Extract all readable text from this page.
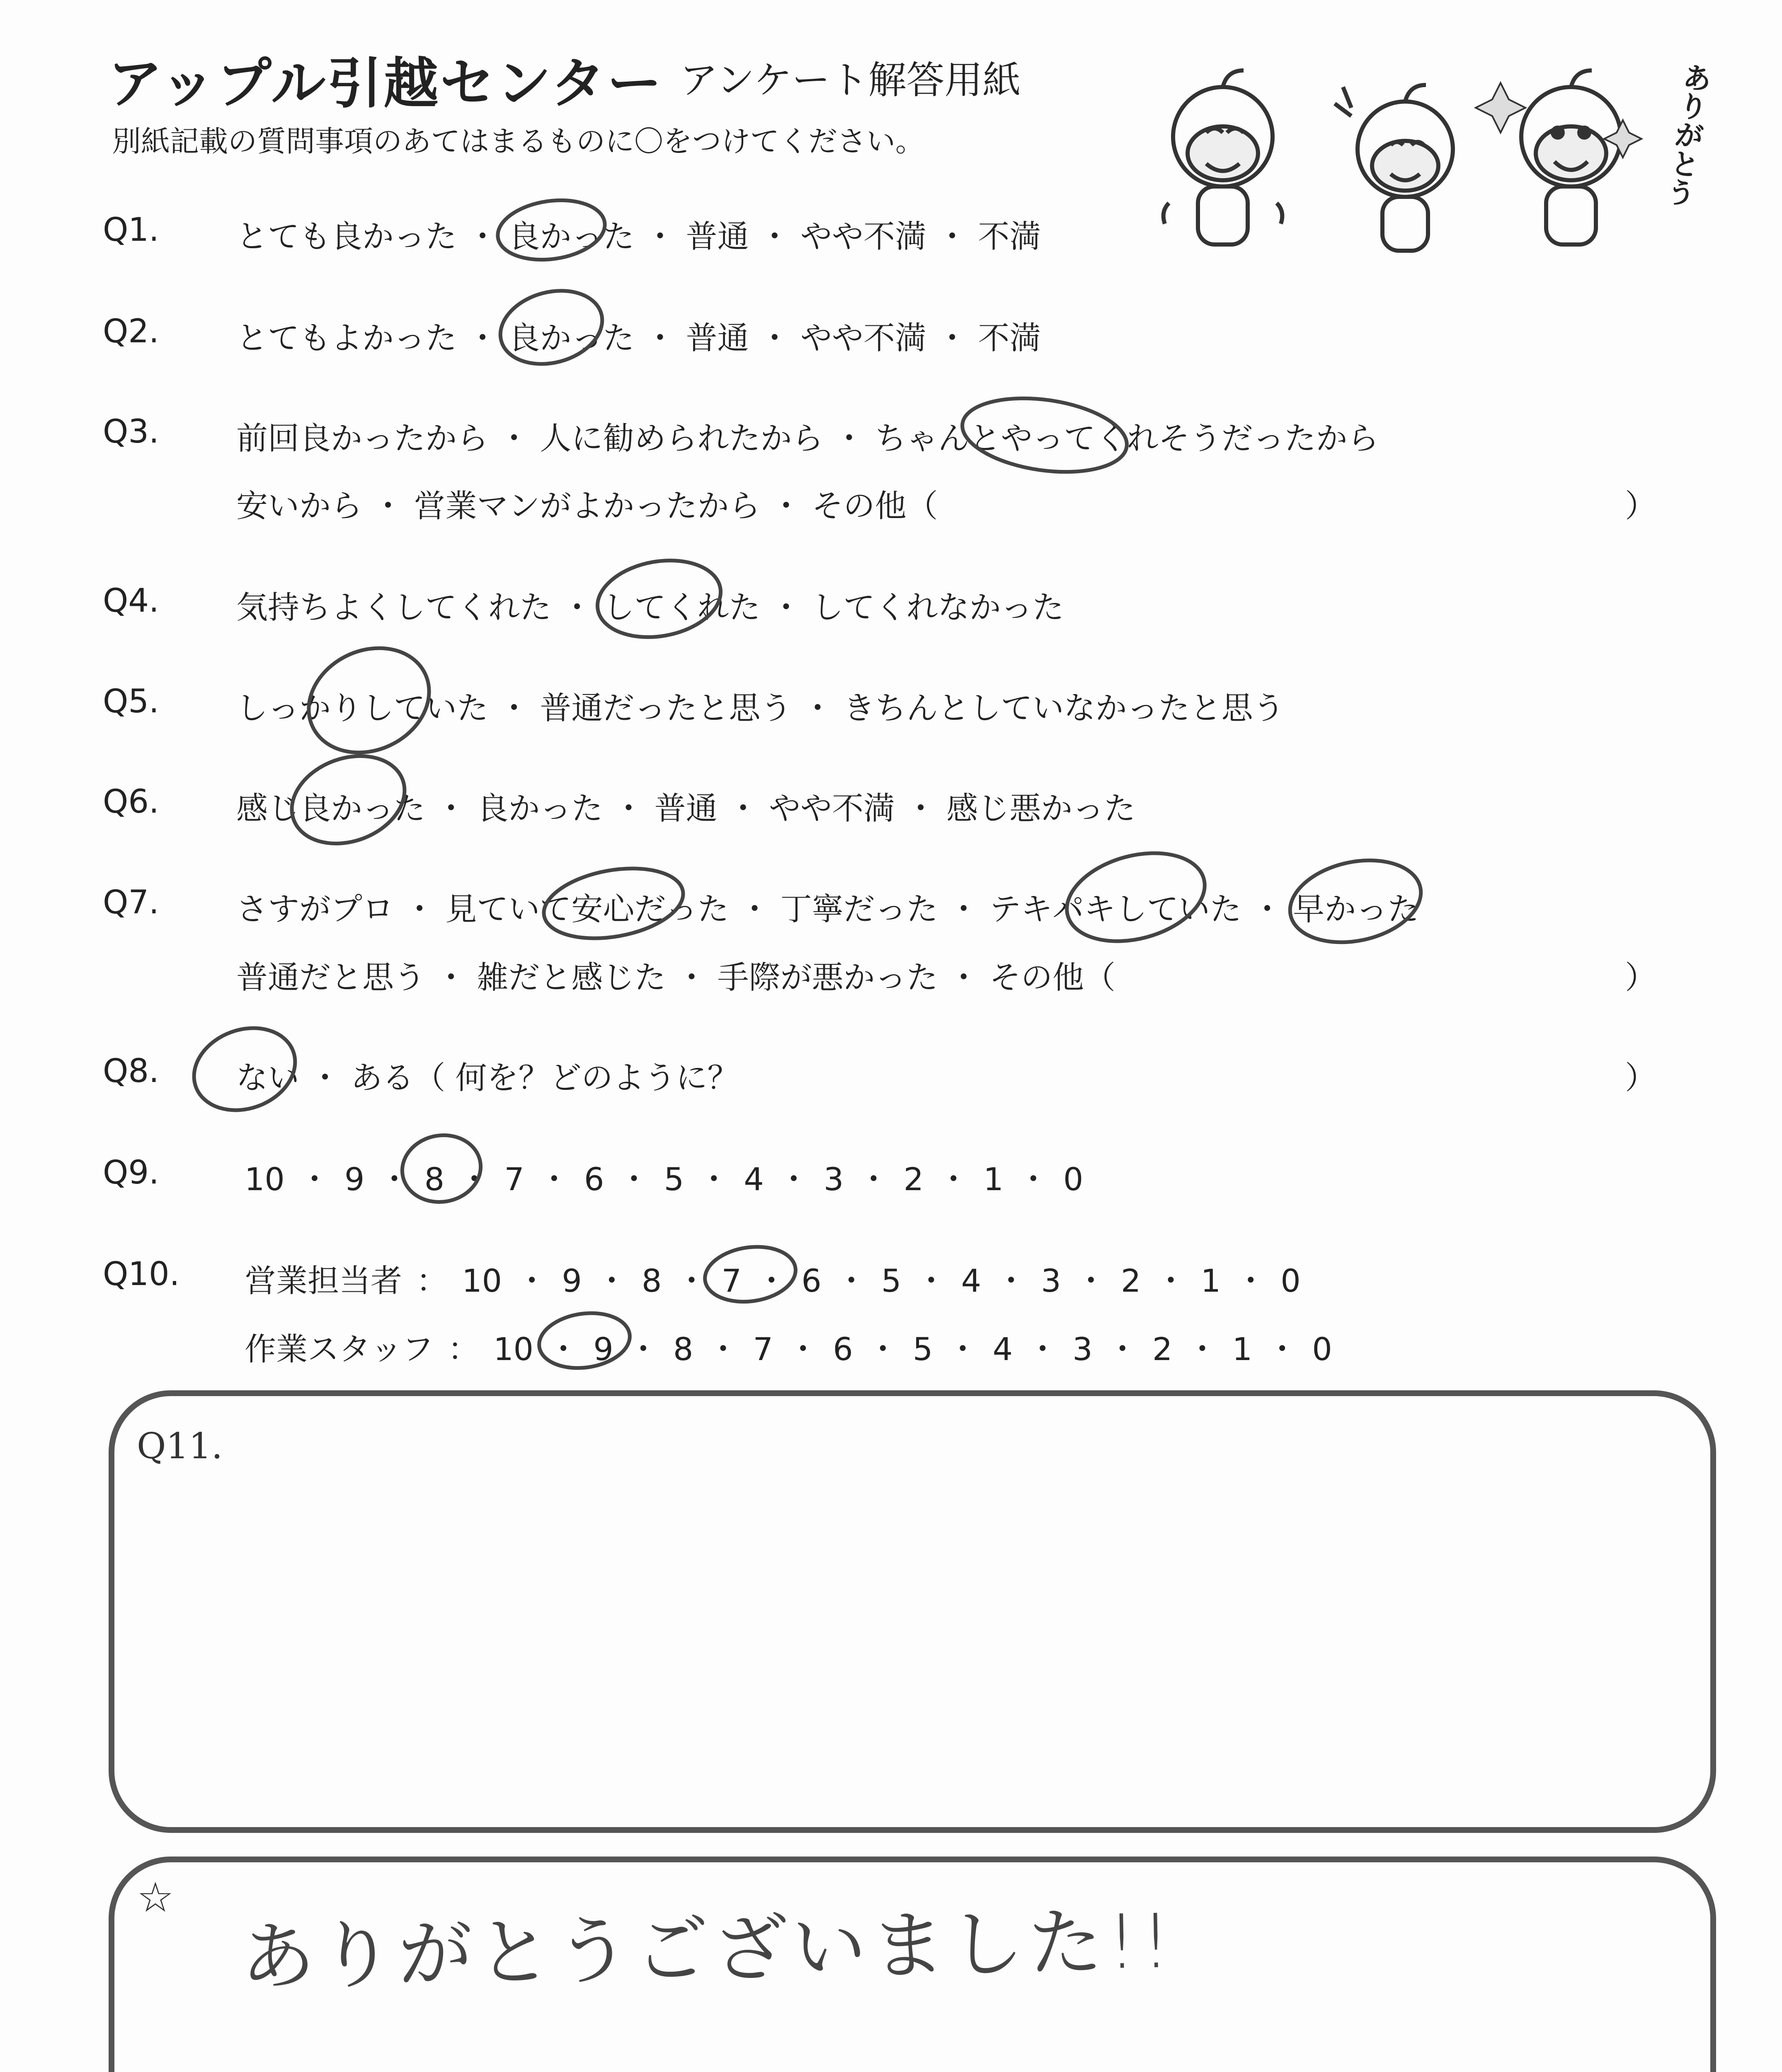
アップル引越センター アンケート解答用紙
別紙記載の質問事項のあてはまるものに〇をつけてください。	ありがとう
Q1. とても良かった ・ 良かった ・ 普通 ・ やや不満 ・ 不満
Q2. とてもよかった ・ 良かった ・ 普通 ・ やや不満 ・ 不満
Q3. 前回良かったから ・ 人に勧められたから ・ ちゃんとやってくれそうだったから
安いから ・ 営業マンがよかったから ・ その他（	）
Q4. 気持ちよくしてくれた ・ してくれた ・ してくれなかった
Q5. しっかりしていた ・ 普通だったと思う ・ きちんとしていなかったと思う
Q6. 感じ良かった ・ 良かった ・ 普通 ・ やや不満 ・ 感じ悪かった
Q7. さすがプロ ・ 見ていて安心だった ・ 丁寧だった ・ テキパキしていた ・ 早かった
普通だと思う ・ 雑だと感じた ・ 手際が悪かった ・ その他（	）
Q8. ない ・ ある（ 何を？どのように？	）
Q9.	10 ・ 9 ・ 8 ・ 7 ・ 6 ・ 5 ・ 4 ・ 3 ・ 2 ・ 1 ・ 0
Q10. 営業担当者 ： 10 ・ 9 ・ 8 ・ 7 ・ 6 ・ 5 ・ 4 ・ 3 ・ 2 ・ 1 ・ 0
作業スタッフ ： 10 ・ 9 ・ 8 ・ 7 ・ 6 ・ 5 ・ 4 ・ 3 ・ 2 ・ 1 ・ 0
Q11.
☆
ありがとうございました!!
